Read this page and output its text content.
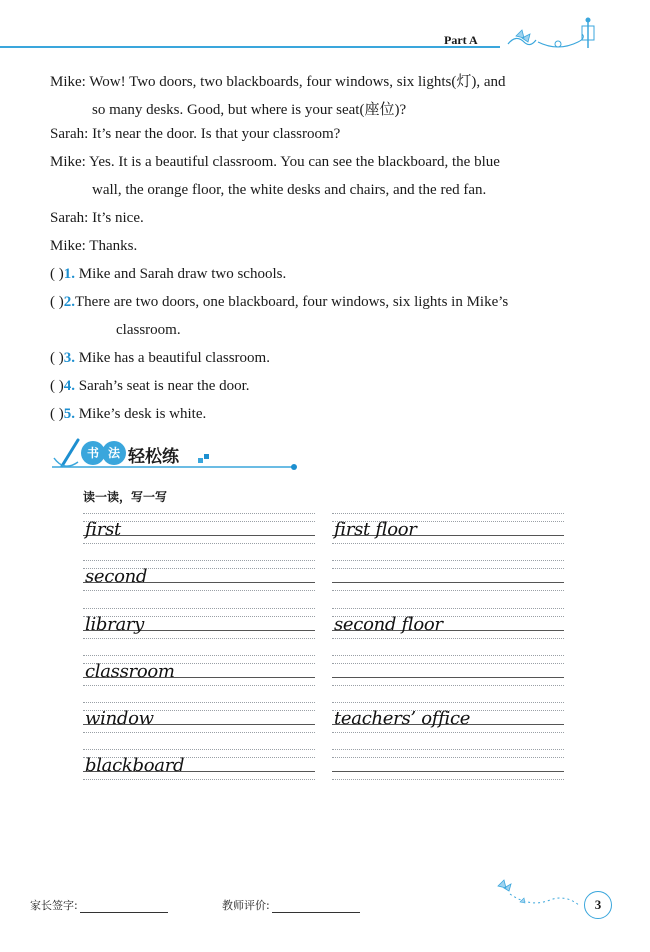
Part A
Mike: Wow! Two doors, two blackboards, four windows, six lights(灯), and
so many desks. Good, but where is your seat(座位)?
Sarah: It’s near the door. Is that your classroom?
Mike: Yes. It is a beautiful classroom. You can see the blackboard, the blue
wall, the orange floor, the white desks and chairs, and the red fan.
Sarah: It’s nice.
Mike: Thanks.
( )1. Mike and Sarah draw two schools.
( )2.There are two doors, one blackboard, four windows, six lights in Mike’s
classroom.
( )3. Mike has a beautiful classroom.
( )4. Sarah’s seat is near the door.
( )5. Mike’s desk is white.
书 法 轻松练
读一读，写一写
first
second
library
classroom
window
blackboard
first floor
second floor
teachers’ office
家长签字:	教师评价:	3
